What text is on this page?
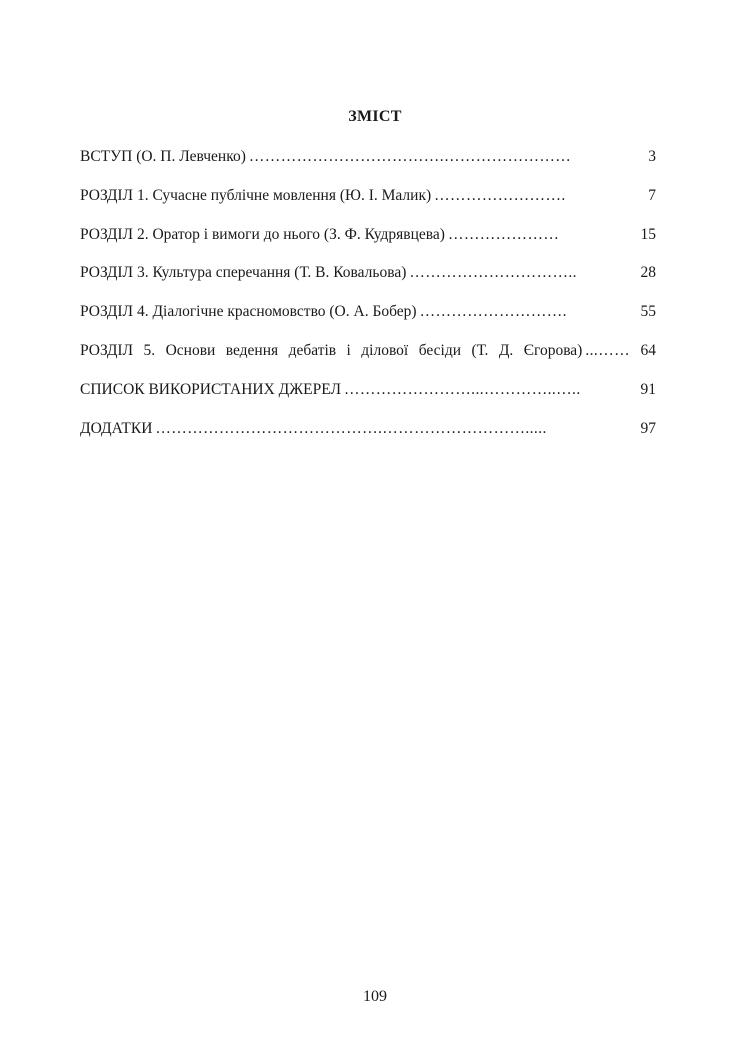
ЗМІСТ
ВСТУП (О. П. Левченко) ……………………………….……………………	3
РОЗДІЛ 1. Сучасне публічне мовлення (Ю. І. Малик) …………………….	7
РОЗДІЛ 2. Оратор і вимоги до нього (З. Ф. Кудрявцева) …………………	15
РОЗДІЛ 3. Культура сперечання (Т. В. Ковальова) …………………………..	28
РОЗДІЛ 4. Діалогічне красномовство (О. А. Бобер) ……………………….	55
РОЗДІЛ 5. Основи ведення дебатів і ділової бесіди (Т. Д. Єгорова) ...…… 64
СПИСОК ВИКОРИСТАНИХ ДЖЕРЕЛ ……………………...…………..…..	91
ДОДАТКИ …………………………………….……………………….....	97
109
